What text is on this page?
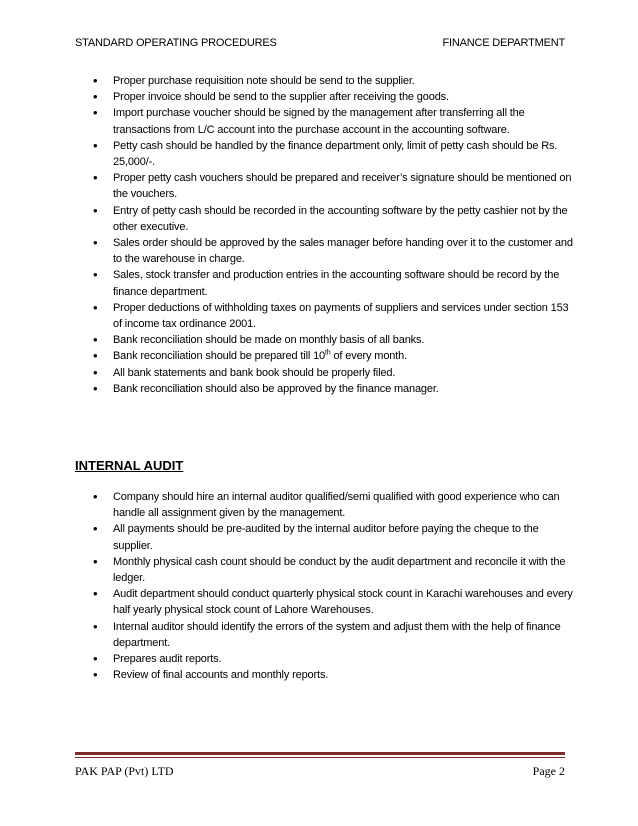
STANDARD OPERATING PROCEDURES	FINANCE DEPARTMENT
• Proper purchase requisition note should be send to the supplier.
• Proper invoice should be send to the supplier after receiving the goods.
• Import purchase voucher should be signed by the management after transferring all the transactions from L/C account into the purchase account in the accounting software.
• Petty cash should be handled by the finance department only, limit of petty cash should be Rs. 25,000/-.
• Proper petty cash vouchers should be prepared and receiver’s signature should be mentioned on the vouchers.
• Entry of petty cash should be recorded in the accounting software by the petty cashier not by the other executive.
• Sales order should be approved by the sales manager before handing over it to the customer and to the warehouse in charge.
• Sales, stock transfer and production entries in the accounting software should be record by the finance department.
• Proper deductions of withholding taxes on payments of suppliers and services under section 153 of income tax ordinance 2001.
• Bank reconciliation should be made on monthly basis of all banks.
• Bank reconciliation should be prepared till 10th of every month.
• All bank statements and bank book should be properly filed.
• Bank reconciliation should also be approved by the finance manager.
INTERNAL AUDIT
• Company should hire an internal auditor qualified/semi qualified with good experience who can handle all assignment given by the management.
• All payments should be pre-audited by the internal auditor before paying the cheque to the supplier.
• Monthly physical cash count should be conduct by the audit department and reconcile it with the ledger.
• Audit department should conduct quarterly physical stock count in Karachi warehouses and every half yearly physical stock count of Lahore Warehouses.
• Internal auditor should identify the errors of the system and adjust them with the help of finance department.
• Prepares audit reports.
• Review of final accounts and monthly reports.
PAK PAP (Pvt) LTD	Page 2
